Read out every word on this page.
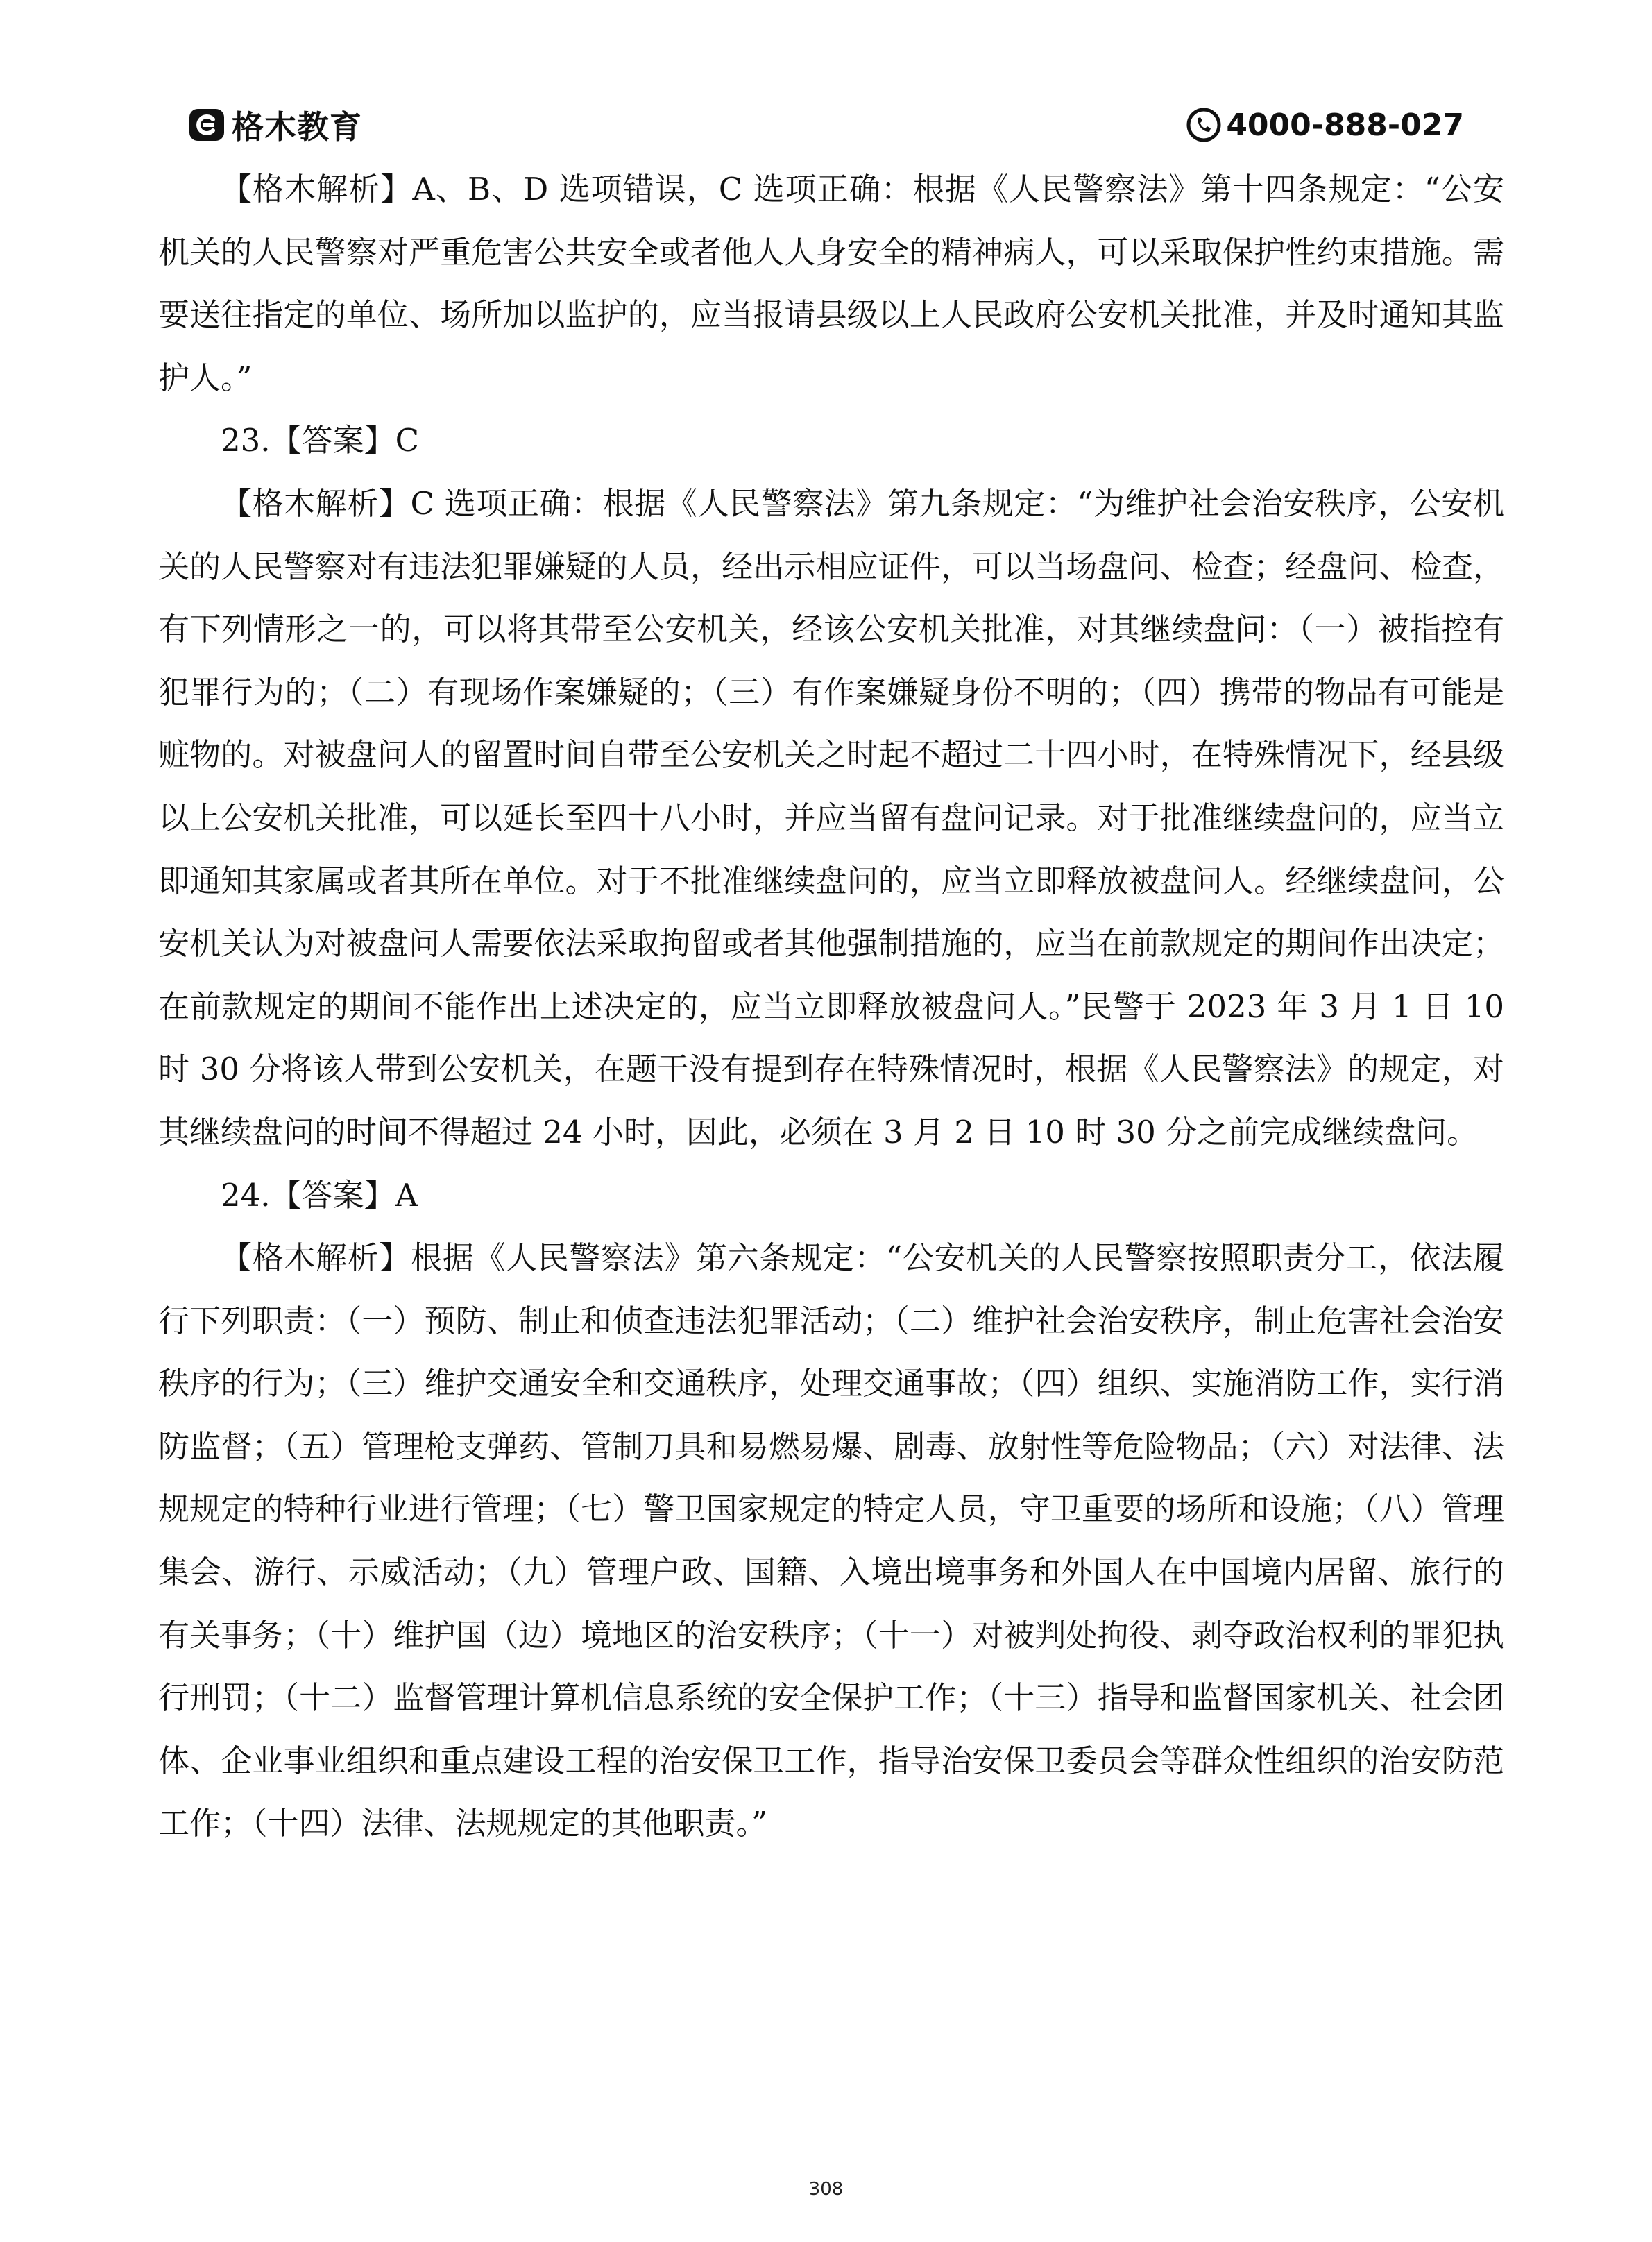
格木教育	4000-888-027

【格木解析】A、B、D 选项错误，C 选项正确：根据《人民警察法》第十四条规定：“公安机关的人民警察对严重危害公共安全或者他人人身安全的精神病人，可以采取保护性约束措施。需要送往指定的单位、场所加以监护的，应当报请县级以上人民政府公安机关批准，并及时通知其监护人。”

23.【答案】C

【格木解析】C 选项正确：根据《人民警察法》第九条规定：“为维护社会治安秩序，公安机关的人民警察对有违法犯罪嫌疑的人员，经出示相应证件，可以当场盘问、检查；经盘问、检查，有下列情形之一的，可以将其带至公安机关，经该公安机关批准，对其继续盘问：（一）被指控有犯罪行为的；（二）有现场作案嫌疑的；（三）有作案嫌疑身份不明的；（四）携带的物品有可能是赃物的。对被盘问人的留置时间自带至公安机关之时起不超过二十四小时，在特殊情况下，经县级以上公安机关批准，可以延长至四十八小时，并应当留有盘问记录。对于批准继续盘问的，应当立即通知其家属或者其所在单位。对于不批准继续盘问的，应当立即释放被盘问人。经继续盘问，公安机关认为对被盘问人需要依法采取拘留或者其他强制措施的，应当在前款规定的期间作出决定；在前款规定的期间不能作出上述决定的，应当立即释放被盘问人。”民警于 2023 年 3 月 1 日 10 时 30 分将该人带到公安机关，在题干没有提到存在特殊情况时，根据《人民警察法》的规定，对其继续盘问的时间不得超过 24 小时，因此，必须在 3 月 2 日 10 时 30 分之前完成继续盘问。

24.【答案】A

【格木解析】根据《人民警察法》第六条规定：“公安机关的人民警察按照职责分工，依法履行下列职责：（一）预防、制止和侦查违法犯罪活动；（二）维护社会治安秩序，制止危害社会治安秩序的行为；（三）维护交通安全和交通秩序，处理交通事故；（四）组织、实施消防工作，实行消防监督；（五）管理枪支弹药、管制刀具和易燃易爆、剧毒、放射性等危险物品；（六）对法律、法规规定的特种行业进行管理；（七）警卫国家规定的特定人员，守卫重要的场所和设施；（八）管理集会、游行、示威活动；（九）管理户政、国籍、入境出境事务和外国人在中国境内居留、旅行的有关事务；（十）维护国（边）境地区的治安秩序；（十一）对被判处拘役、剥夺政治权利的罪犯执行刑罚；（十二）监督管理计算机信息系统的安全保护工作；（十三）指导和监督国家机关、社会团体、企业事业组织和重点建设工程的治安保卫工作，指导治安保卫委员会等群众性组织的治安防范工作；（十四）法律、法规规定的其他职责。”

308
